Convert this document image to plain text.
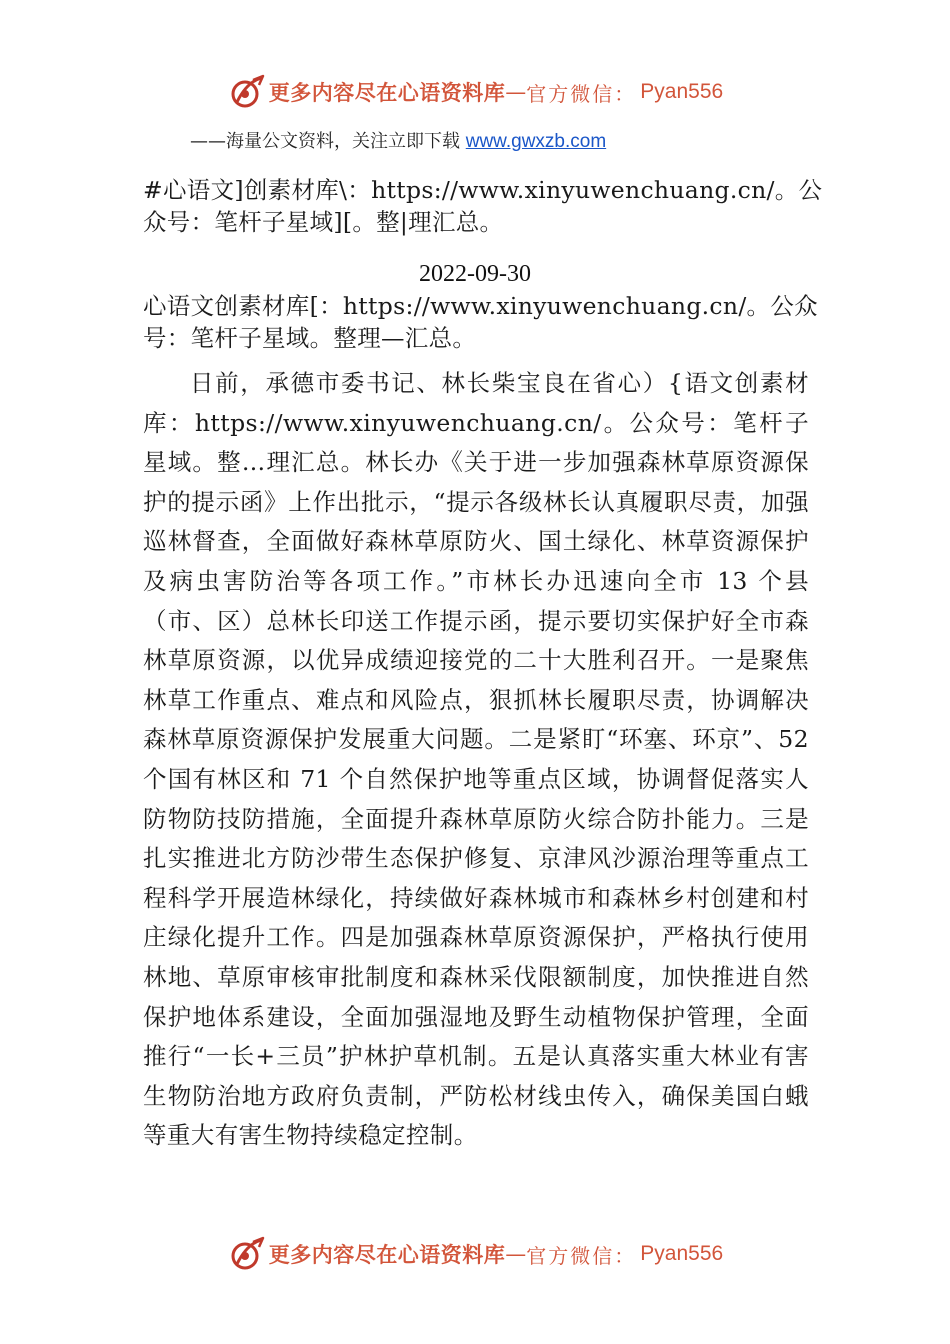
更多内容尽在心语资料库 — 官方微信： Pyan556
——海量公文资料，关注立即下载 www.gwxzb.com
#心语文]创素材库\：https://www.xinyuwenchuang.cn/。公众号：笔杆子星域][。整|理汇总。
2022-09-30
心语文创素材库[：https://www.xinyuwenchuang.cn/。公众号：笔杆子星域。整理—汇总。

日前，承德市委书记、林长柴宝良在省心）{语文创素材库：https://www.xinyuwenchuang.cn/。公众号：笔杆子星域。整…理汇总。林长办《关于进一步加强森林草原资源保护的提示函》上作出批示，“提示各级林长认真履职尽责，加强巡林督查，全面做好森林草原防火、国土绿化、林草资源保护及病虫害防治等各项工作。”市林长办迅速向全市 13 个县（市、区）总林长印送工作提示函，提示要切实保护好全市森林草原资源，以优异成绩迎接党的二十大胜利召开。一是聚焦林草工作重点、难点和风险点，狠抓林长履职尽责，协调解决森林草原资源保护发展重大问题。二是紧盯“环塞、环京”、52 个国有林区和 71 个自然保护地等重点区域，协调督促落实人防物防技防措施，全面提升森林草原防火综合防扑能力。三是扎实推进北方防沙带生态保护修复、京津风沙源治理等重点工程科学开展造林绿化，持续做好森林城市和森林乡村创建和村庄绿化提升工作。四是加强森林草原资源保护，严格执行使用林地、草原审核审批制度和森林采伐限额制度，加快推进自然保护地体系建设，全面加强湿地及野生动植物保护管理，全面推行“一长+三员”护林护草机制。五是认真落实重大林业有害生物防治地方政府负责制，严防松材线虫传入，确保美国白蛾等重大有害生物持续稳定控制。

更多内容尽在心语资料库 — 官方微信： Pyan556
